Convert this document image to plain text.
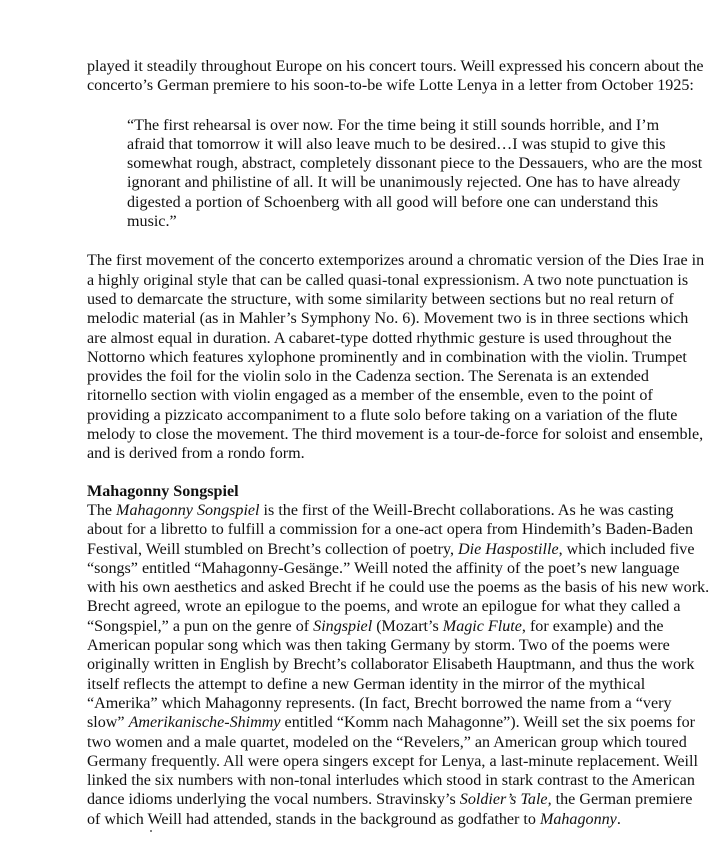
played it steadily throughout Europe on his concert tours. Weill expressed his concern about the
concerto’s German premiere to his soon-to-be wife Lotte Lenya in a letter from October 1925:
“The first rehearsal is over now. For the time being it still sounds horrible, and I’m
afraid that tomorrow it will also leave much to be desired…I was stupid to give this
somewhat rough, abstract, completely dissonant piece to the Dessauers, who are the most
ignorant and philistine of all. It will be unanimously rejected. One has to have already
digested a portion of Schoenberg with all good will before one can understand this
music.”
The first movement of the concerto extemporizes around a chromatic version of the Dies Irae in
a highly original style that can be called quasi-tonal expressionism. A two note punctuation is
used to demarcate the structure, with some similarity between sections but no real return of
melodic material (as in Mahler’s Symphony No. 6). Movement two is in three sections which
are almost equal in duration. A cabaret-type dotted rhythmic gesture is used throughout the
Nottorno which features xylophone prominently and in combination with the violin. Trumpet
provides the foil for the violin solo in the Cadenza section. The Serenata is an extended
ritornello section with violin engaged as a member of the ensemble, even to the point of
providing a pizzicato accompaniment to a flute solo before taking on a variation of the flute
melody to close the movement. The third movement is a tour-de-force for soloist and ensemble,
and is derived from a rondo form.
Mahagonny Songspiel
The Mahagonny Songspiel is the first of the Weill-Brecht collaborations. As he was casting
about for a libretto to fulfill a commission for a one-act opera from Hindemith’s Baden-Baden
Festival, Weill stumbled on Brecht’s collection of poetry, Die Haspostille, which included five
“songs” entitled “Mahagonny-Gesänge.” Weill noted the affinity of the poet’s new language
with his own aesthetics and asked Brecht if he could use the poems as the basis of his new work.
Brecht agreed, wrote an epilogue to the poems, and wrote an epilogue for what they called a
“Songspiel,” a pun on the genre of Singspiel (Mozart’s Magic Flute, for example) and the
American popular song which was then taking Germany by storm. Two of the poems were
originally written in English by Brecht’s collaborator Elisabeth Hauptmann, and thus the work
itself reflects the attempt to define a new German identity in the mirror of the mythical
“Amerika” which Mahagonny represents. (In fact, Brecht borrowed the name from a “very
slow” Amerikanische-Shimmy entitled “Komm nach Mahagonne”). Weill set the six poems for
two women and a male quartet, modeled on the “Revelers,” an American group which toured
Germany frequently. All were opera singers except for Lenya, a last-minute replacement. Weill
linked the six numbers with non-tonal interludes which stood in stark contrast to the American
dance idioms underlying the vocal numbers. Stravinsky’s Soldier’s Tale, the German premiere
of which Weill had attended, stands in the background as godfather to Mahagonny.
